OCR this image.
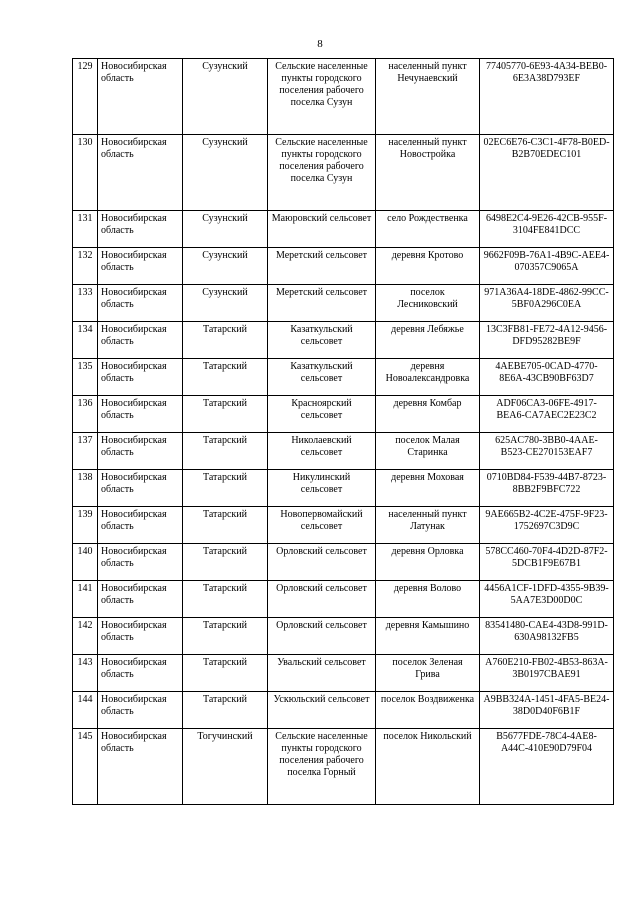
8
129	Новосибирская область	Сузунский	Сельские населенные пункты городского поселения рабочего поселка Сузун	населенный пункт Нечунаевский	77405770-6E93-4A34-BEB0-6E3A38D793EF
130	Новосибирская область	Сузунский	Сельские населенные пункты городского поселения рабочего поселка Сузун	населенный пункт Новостройка	02EC6E76-C3C1-4F78-B0ED-B2B70EDEC101
131	Новосибирская область	Сузунский	Маюровский сельсовет	село Рождественка	6498E2C4-9E26-42CB-955F-3104FE841DCC
132	Новосибирская область	Сузунский	Меретский сельсовет	деревня Кротово	9662F09B-76A1-4B9C-AEE4-070357C9065A
133	Новосибирская область	Сузунский	Меретский сельсовет	поселок Лесниковский	971A36A4-18DE-4862-99CC-5BF0A296C0EA
134	Новосибирская область	Татарский	Казаткульский сельсовет	деревня Лебяжье	13C3FB81-FE72-4A12-9456-DFD95282BE9F
135	Новосибирская область	Татарский	Казаткульский сельсовет	деревня Новоалександровка	4AEBE705-0CAD-4770-8E6A-43CB90BF63D7
136	Новосибирская область	Татарский	Красноярский сельсовет	деревня Комбар	ADF06CA3-06FE-4917-BEA6-CA7AEC2E23C2
137	Новосибирская область	Татарский	Николаевский сельсовет	поселок Малая Старинка	625AC780-3BB0-4AAE-B523-CE270153EAF7
138	Новосибирская область	Татарский	Никулинский сельсовет	деревня Моховая	0710BD84-F539-44B7-8723-8BB2F9BFC722
139	Новосибирская область	Татарский	Новопервомайский сельсовет	населенный пункт Латунак	9AE665B2-4C2E-475F-9F23-1752697C3D9C
140	Новосибирская область	Татарский	Орловский сельсовет	деревня Орловка	578CC460-70F4-4D2D-87F2-5DCB1F9E67B1
141	Новосибирская область	Татарский	Орловский сельсовет	деревня Волово	4456A1CF-1DFD-4355-9B39-5AA7E3D00D0C
142	Новосибирская область	Татарский	Орловский сельсовет	деревня Камышино	83541480-CAE4-43D8-991D-630A98132FB5
143	Новосибирская область	Татарский	Увальский сельсовет	поселок Зеленая Грива	A760E210-FB02-4B53-863A-3B0197CBAE91
144	Новосибирская область	Татарский	Ускюльский сельсовет	поселок Воздвиженка	A9BB324A-1451-4FA5-BE24-38D0D40F6B1F
145	Новосибирская область	Тогучинский	Сельские населенные пункты городского поселения рабочего поселка Горный	поселок Никольский	B5677FDE-78C4-4AE8-A44C-410E90D79F04
